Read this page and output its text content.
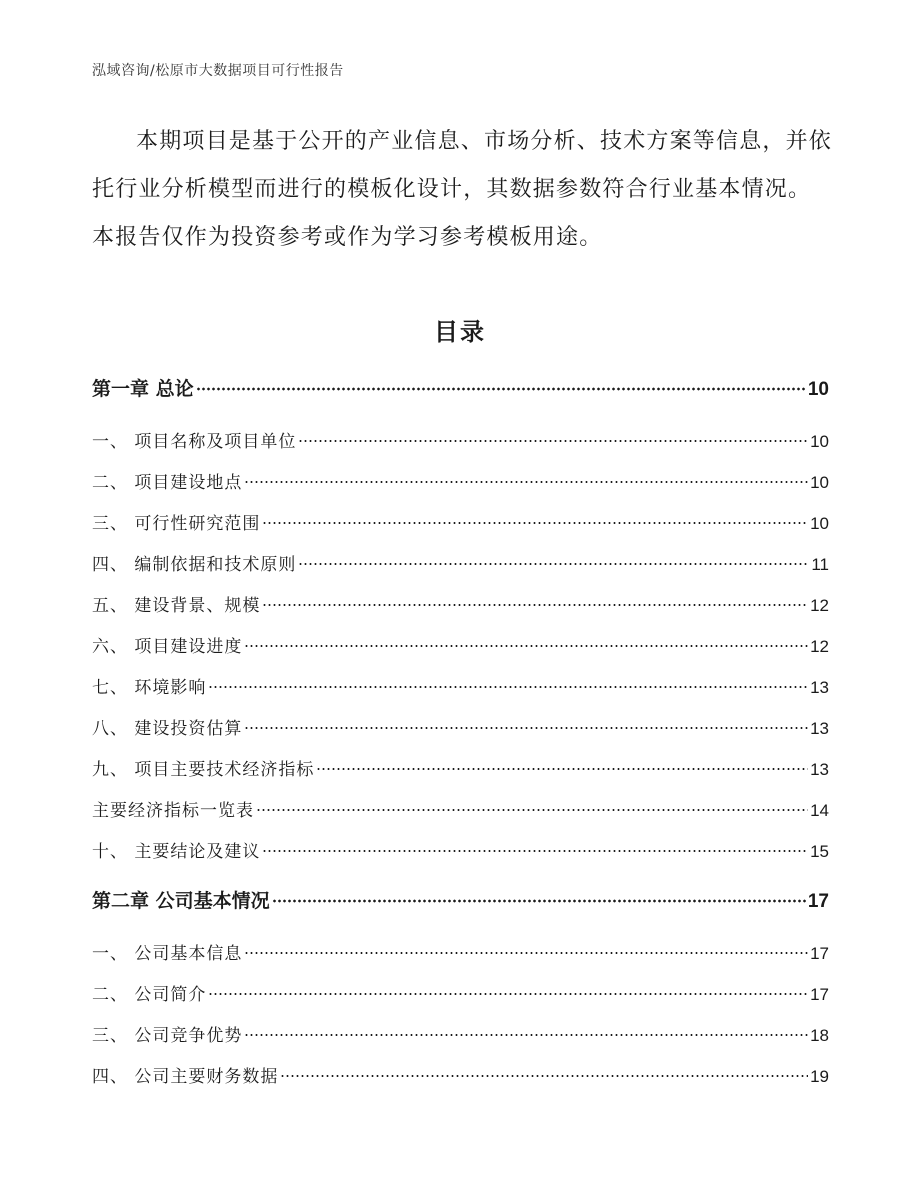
泓域咨询/松原市大数据项目可行性报告

本期项目是基于公开的产业信息、市场分析、技术方案等信息，并依托行业分析模型而进行的模板化设计，其数据参数符合行业基本情况。本报告仅作为投资参考或作为学习参考模板用途。

目录
第一章 总论	10
一、 项目名称及项目单位	10
二、 项目建设地点	10
三、 可行性研究范围	10
四、 编制依据和技术原则	11
五、 建设背景、规模	12
六、 项目建设进度	12
七、 环境影响	13
八、 建设投资估算	13
九、 项目主要技术经济指标	13
主要经济指标一览表	14
十、 主要结论及建议	15
第二章 公司基本情况	17
一、 公司基本信息	17
二、 公司简介	17
三、 公司竞争优势	18
四、 公司主要财务数据	19
